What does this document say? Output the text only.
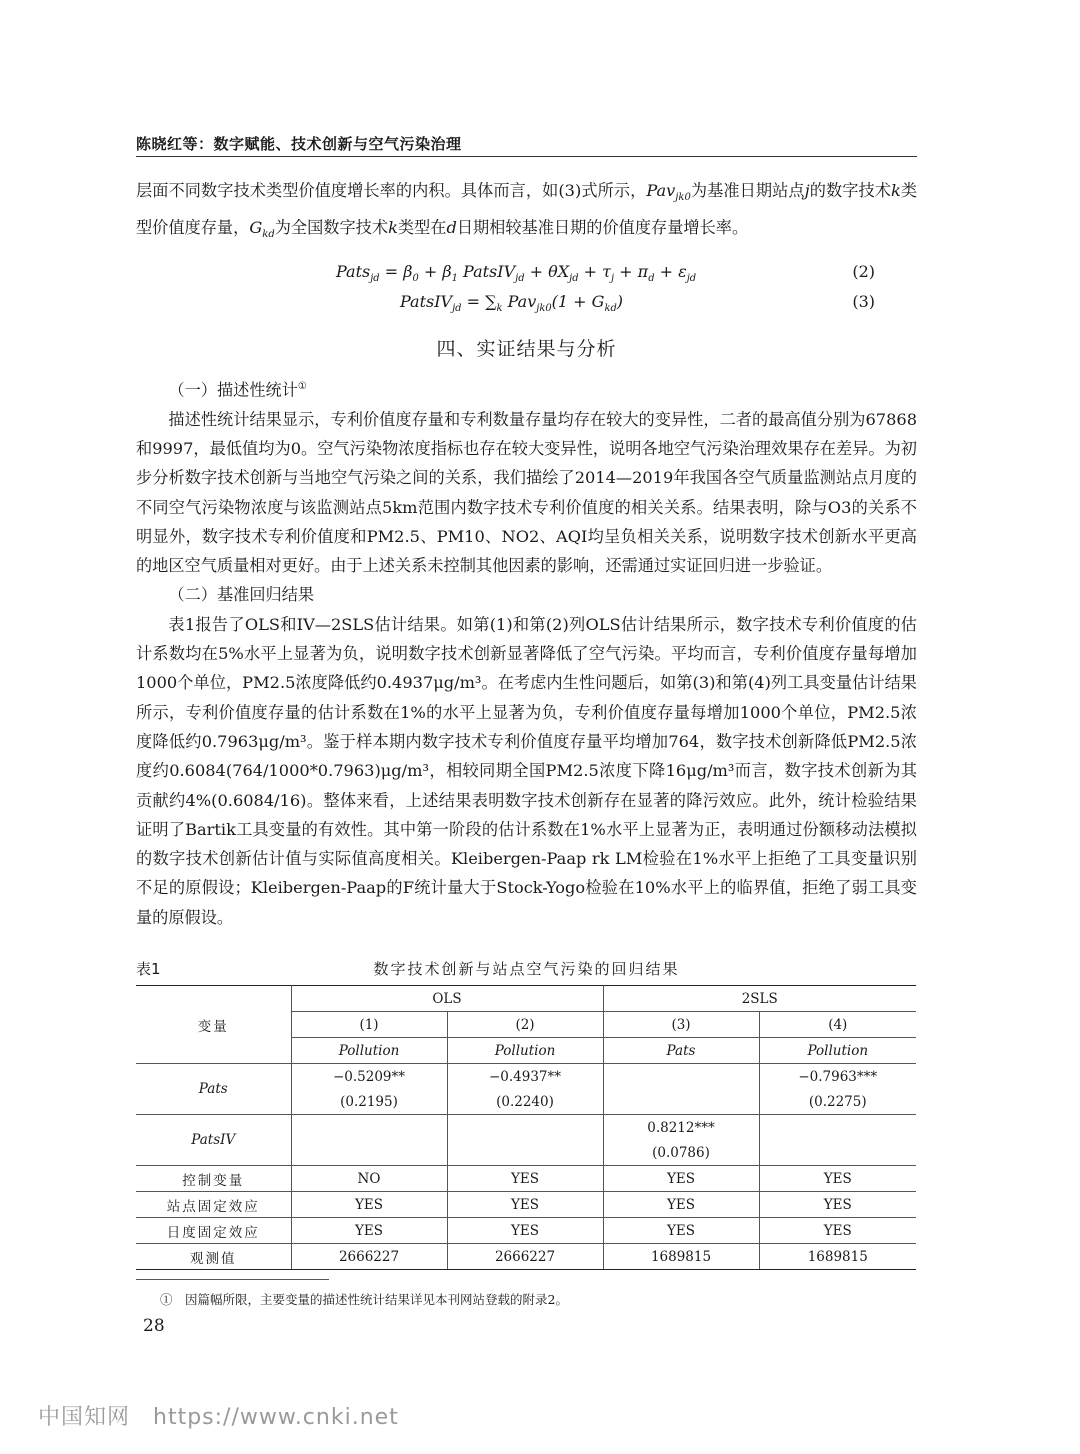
陈晓红等：数字赋能、技术创新与空气污染治理

层面不同数字技术类型价值度增长率的内积。具体而言，如(3)式所示，Pav$_{jk0}$为基准日期站点j的数字技术k类型价值度存量，$G_{kd}$为全国数字技术k类型在d日期相较基准日期的价值度存量增长率。

Pats$_{jd}$ = $\beta_0 + \beta_1$ PatsIV$_{jd}$ + $\theta X_{jd} + \tau_j + \pi_d + \varepsilon_{jd}$	(2)
PatsIV$_{jd}$ = $\sum_k$ $Pav_{jk0}(1 + G_{kd})$	(3)
四、实证结果与分析

（一）描述性统计①

描述性统计结果显示，专利价值度存量和专利数量存量均存在较大的变异性，二者的最高值分别为67868和9997，最低值均为0。空气污染物浓度指标也存在较大变异性，说明各地空气污染治理效果存在差异。为初步分析数字技术创新与当地空气污染之间的关系，我们描绘了2014—2019年我国各空气质量监测站点月度的不同空气污染物浓度与该监测站点5km范围内数字技术专利价值度的相关关系。结果表明，除与O3的关系不明显外，数字技术专利价值度和PM2.5、PM10、NO2、AQI均呈负相关关系，说明数字技术创新水平更高的地区空气质量相对更好。由于上述关系未控制其他因素的影响，还需通过实证回归进一步验证。

（二）基准回归结果

表1报告了OLS和IV—2SLS估计结果。如第(1)和第(2)列OLS估计结果所示，数字技术专利价值度的估计系数均在5%水平上显著为负，说明数字技术创新显著降低了空气污染。平均而言，专利价值度存量每增加1000个单位，PM2.5浓度降低约0.4937μg/m³。在考虑内生性问题后，如第(3)和第(4)列工具变量估计结果所示，专利价值度存量的估计系数在1%的水平上显著为负，专利价值度存量每增加1000个单位，PM2.5浓度降低约0.7963μg/m³。鉴于样本期内数字技术专利价值度存量平均增加764，数字技术创新降低PM2.5浓度约0.6084(764/1000*0.7963)μg/m³，相较同期全国PM2.5浓度下降16μg/m³而言，数字技术创新为其贡献约4%(0.6084/16)。整体来看，上述结果表明数字技术创新存在显著的降污效应。此外，统计检验结果证明了Bartik工具变量的有效性。其中第一阶段的估计系数在1%水平上显著为正，表明通过份额移动法模拟的数字技术创新估计值与实际值高度相关。Kleibergen-Paap rk LM检验在1%水平上拒绝了工具变量识别不足的原假设；Kleibergen-Paap的F统计量大于Stock-Yogo检验在10%水平上的临界值，拒绝了弱工具变量的原假设。

表1	数字技术创新与站点空气污染的回归结果
变量	OLS		2SLS	
	(1)	(2)	(3)	(4)
	Pollution	Pollution	Pats	Pollution
Pats	−0.5209**	−0.4937**		−0.7963***
	(0.2195)	(0.2240)		(0.2275)
PatsIV			0.8212***	
			(0.0786)	
控制变量	NO	YES	YES	YES
站点固定效应	YES	YES	YES	YES
日度固定效应	YES	YES	YES	YES
观测值	2666227	2666227	1689815	1689815
①　因篇幅所限，主要变量的描述性统计结果详见本刊网站登载的附录2。
28
中国知网　https://www.cnki.net
